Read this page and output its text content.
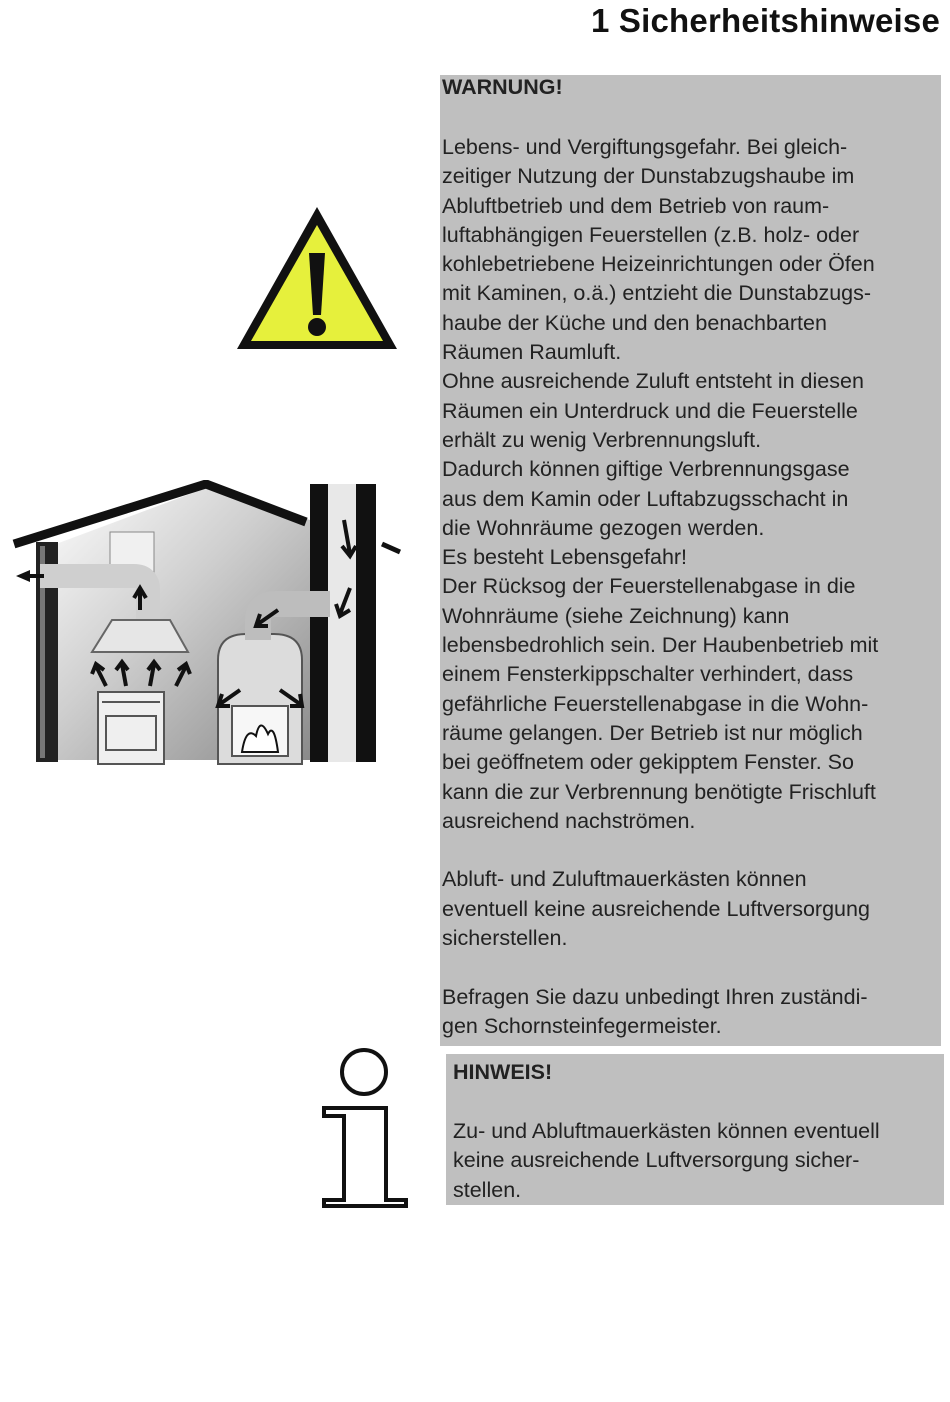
1 Sicherheitshinweise
WARNUNG!

Lebens- und Vergiftungsgefahr. Bei gleich-

zeitiger Nutzung der Dunstabzugshaube im

Abluftbetrieb und dem Betrieb von raum-

luftabhängigen Feuerstellen (z.B. holz- oder

kohlebetriebene Heizeinrichtungen oder Öfen

mit Kaminen, o.ä.) entzieht die Dunstabzugs-

haube der Küche und den benachbarten

Räumen Raumluft.

Ohne ausreichende Zuluft entsteht in diesen

Räumen ein Unterdruck und die Feuerstelle

erhält zu wenig Verbrennungsluft.

Dadurch können giftige Verbrennungsgase

aus dem Kamin oder Luftabzugsschacht in

die Wohnräume gezogen werden.

Es besteht Lebensgefahr!

Der Rücksog der Feuerstellenabgase in die

Wohnräume (siehe Zeichnung) kann

lebensbedrohlich sein. Der Haubenbetrieb mit

einem Fensterkippschalter verhindert, dass

gefährliche Feuerstellenabgase in die Wohn-

räume gelangen. Der Betrieb ist nur möglich

bei geöffnetem oder gekipptem Fenster. So

kann die zur Verbrennung benötigte Frischluft

ausreichend nachströmen.

Abluft- und Zuluftmauerkästen können

eventuell keine ausreichende Luftversorgung

sicherstellen.

Befragen Sie dazu unbedingt Ihren zuständi-

gen Schornsteinfegermeister.

HINWEIS!

Zu- und Abluftmauerkästen können eventuell

keine ausreichende Luftversorgung sicher-

stellen.
